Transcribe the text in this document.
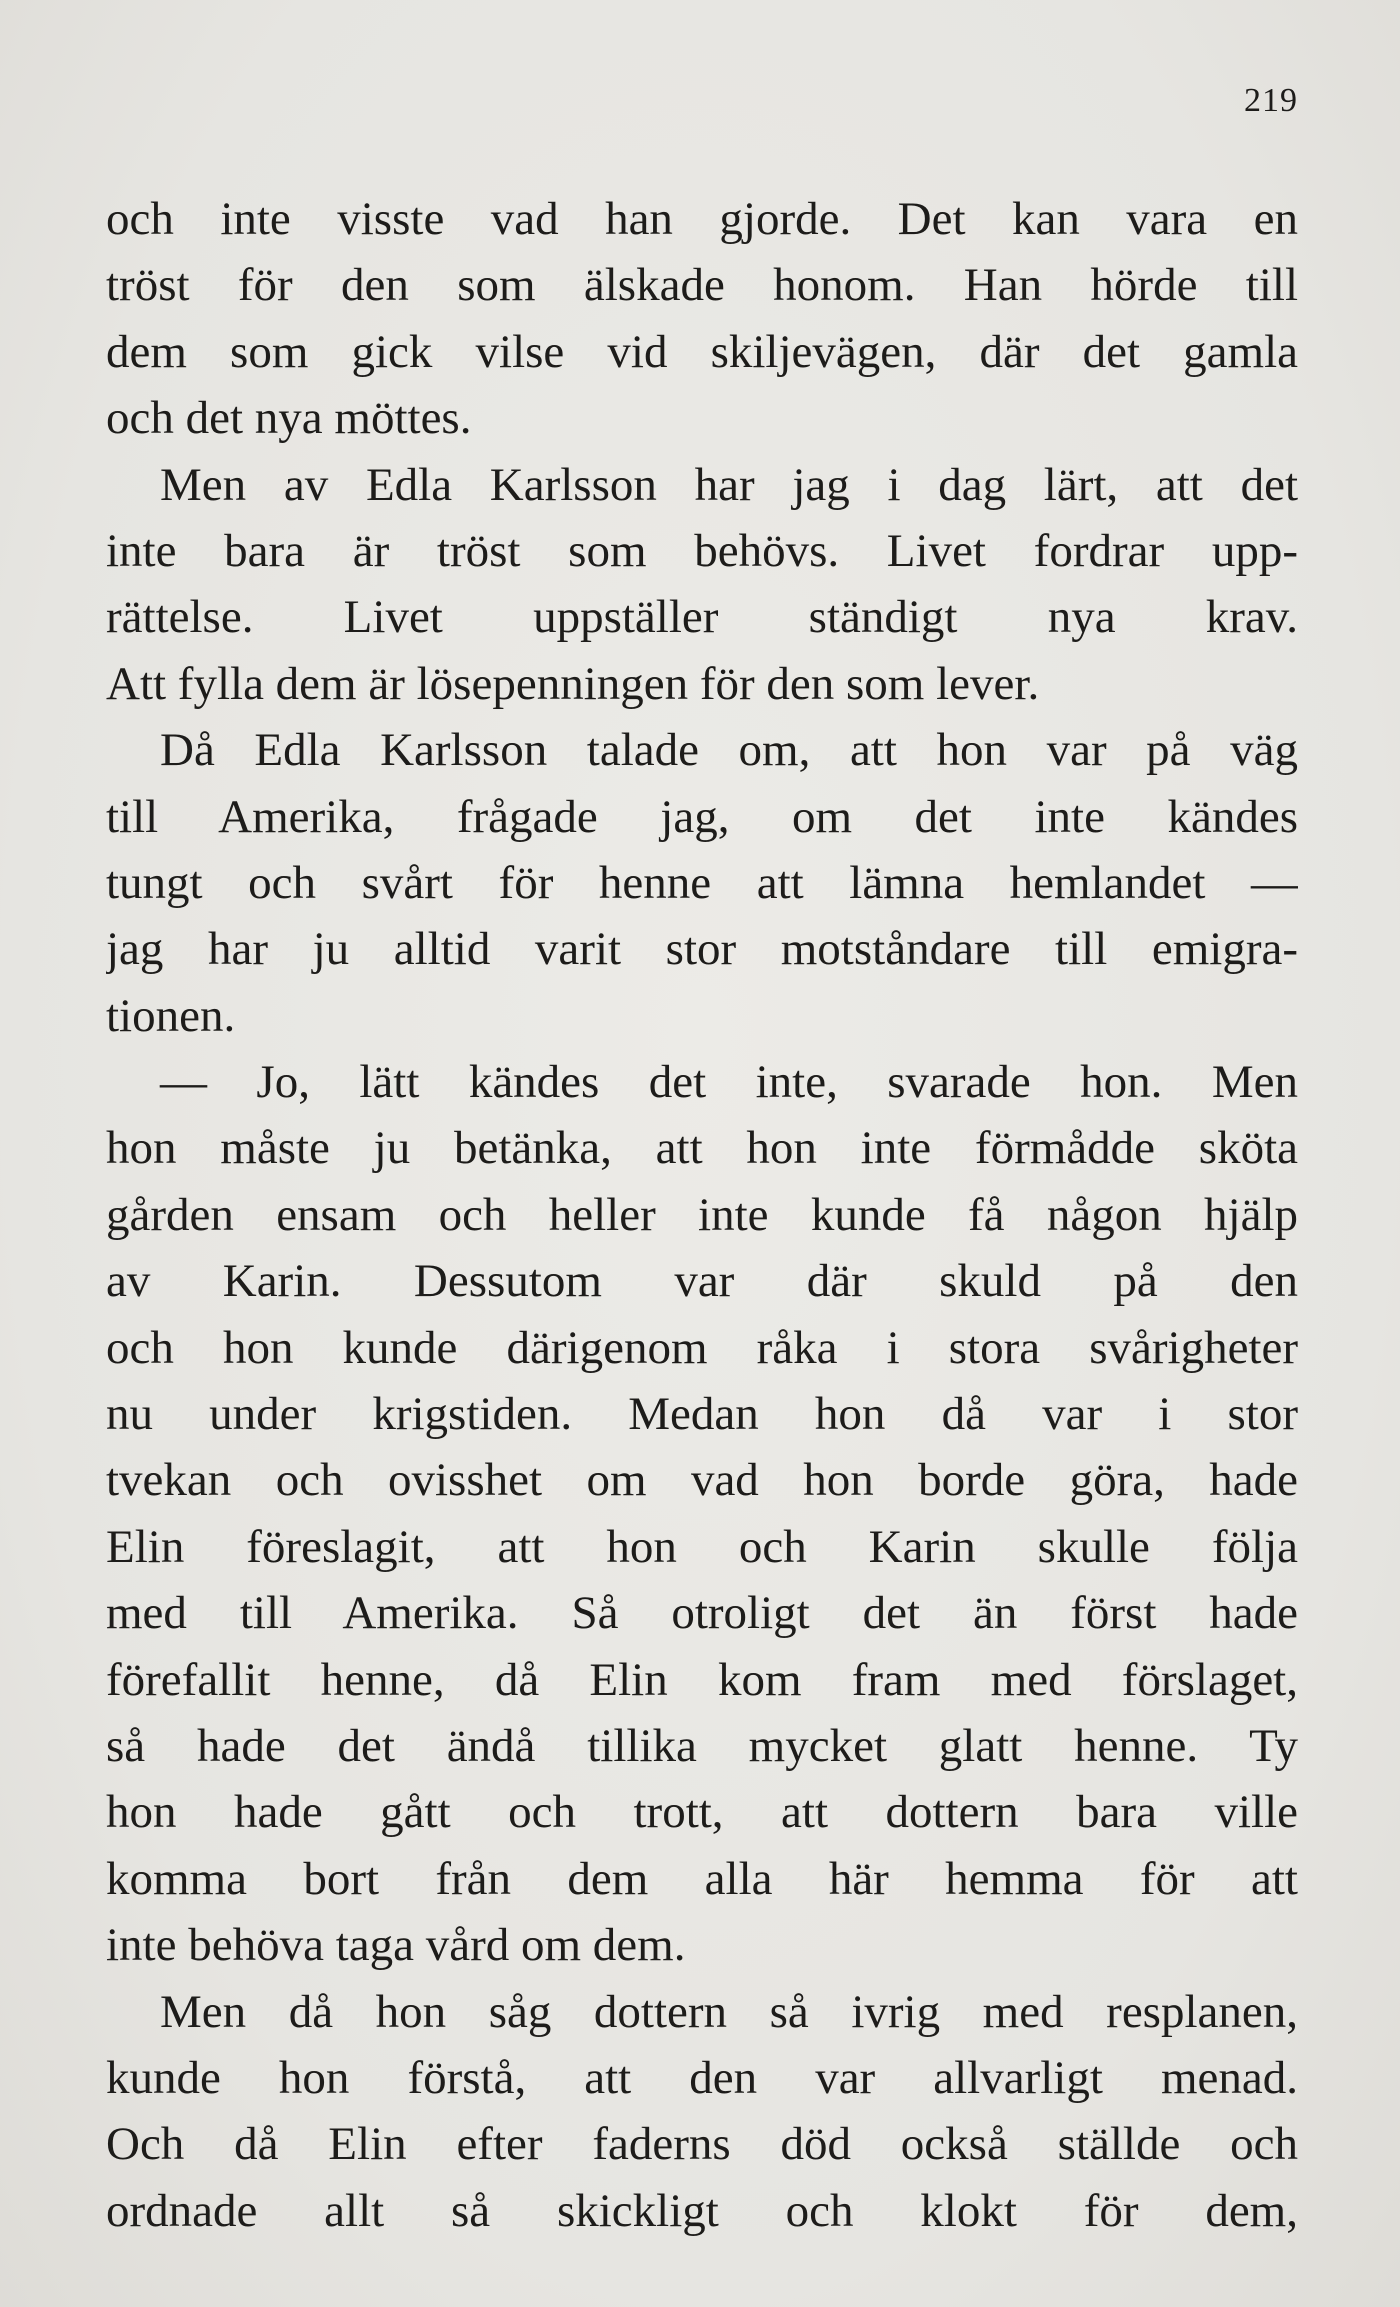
219
och inte visste vad han gjorde. Det kan vara en
tröst för den som älskade honom. Han hörde till
dem som gick vilse vid skiljevägen, där det gamla
och det nya möttes.
Men av Edla Karlsson har jag i dag lärt, att det
inte bara är tröst som behövs. Livet fordrar upp-
rättelse. Livet uppställer ständigt nya krav.
Att fylla dem är lösepenningen för den som lever.
Då Edla Karlsson talade om, att hon var på väg
till Amerika, frågade jag, om det inte kändes
tungt och svårt för henne att lämna hemlandet —
jag har ju alltid varit stor motståndare till emigra-
tionen.
— Jo, lätt kändes det inte, svarade hon. Men
hon måste ju betänka, att hon inte förmådde sköta
gården ensam och heller inte kunde få någon hjälp
av Karin. Dessutom var där skuld på den
och hon kunde därigenom råka i stora svårigheter
nu under krigstiden. Medan hon då var i stor
tvekan och ovisshet om vad hon borde göra, hade
Elin föreslagit, att hon och Karin skulle följa
med till Amerika. Så otroligt det än först hade
förefallit henne, då Elin kom fram med förslaget,
så hade det ändå tillika mycket glatt henne. Ty
hon hade gått och trott, att dottern bara ville
komma bort från dem alla här hemma för att
inte behöva taga vård om dem.
Men då hon såg dottern så ivrig med resplanen,
kunde hon förstå, att den var allvarligt menad.
Och då Elin efter faderns död också ställde och
ordnade allt så skickligt och klokt för dem,
